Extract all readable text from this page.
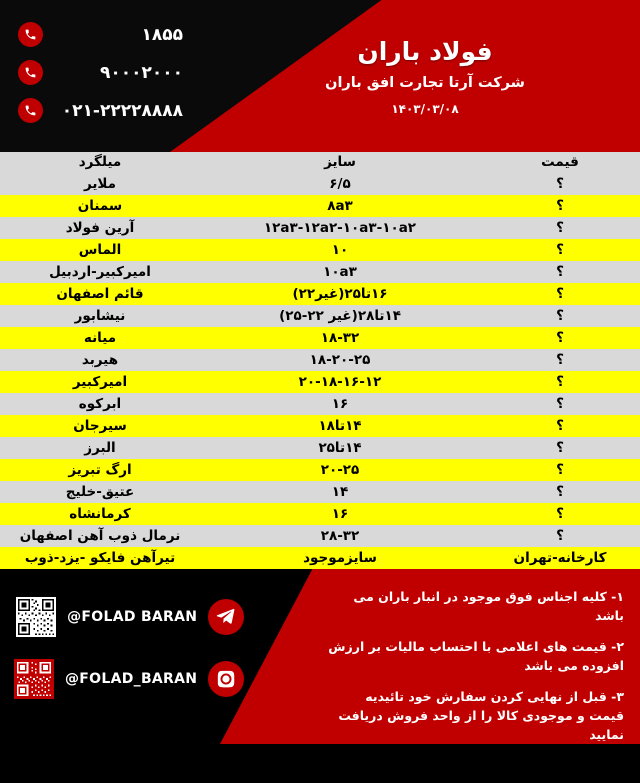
فولاد باران
شرکت آرتا تجارت افق باران
۱۴۰۳/۰۳/۰۸
۱۸۵۵
۹۰۰۰۲۰۰۰
۰۲۱-۲۲۲۲۸۸۸۸
قیمت	سایز	میلگرد
؟	۶/۵	ملایر
؟	۸a۳	سمنان
؟	۱۲a۳-۱۲a۲-۱۰a۳-۱۰a۲	آرین فولاد
؟	۱۰	الماس
؟	۱۰a۳	امیرکبیر-اردبیل
؟	۱۶تا۲۵(غیر۲۲)	قائم اصفهان
؟	۱۴تا۲۸(غیر ۲۲-۲۵)	نیشابور
؟	۱۸-۳۲	میانه
؟	۱۸-۲۰-۲۵	هیربد
؟	۲۰-۱۸-۱۶-۱۲	امیرکبیر
؟	۱۶	ابرکوه
؟	۱۴تا۱۸	سیرجان
؟	۱۴تا۲۵	البرز
؟	۲۰-۲۵	ارگ تبریز
؟	۱۴	عتیق-خلیج
؟	۱۶	کرمانشاه
؟	۲۸-۳۲	نرمال ذوب آهن اصفهان
کارخانه-تهران	سایزموجود	تیرآهن فایکو -یزد-ذوب
۱- کلیه اجناس فوق موجود در انبار باران می باشد
۲- قیمت های اعلامی با احتساب مالیات بر ارزش افزوده می باشد
۳- قبل از نهایی کردن سفارش خود تائیدیه قیمت و موجودی کالا را از واحد فروش دریافت نمایید
@FOLAD BARAN
@FOLAD_BARAN
